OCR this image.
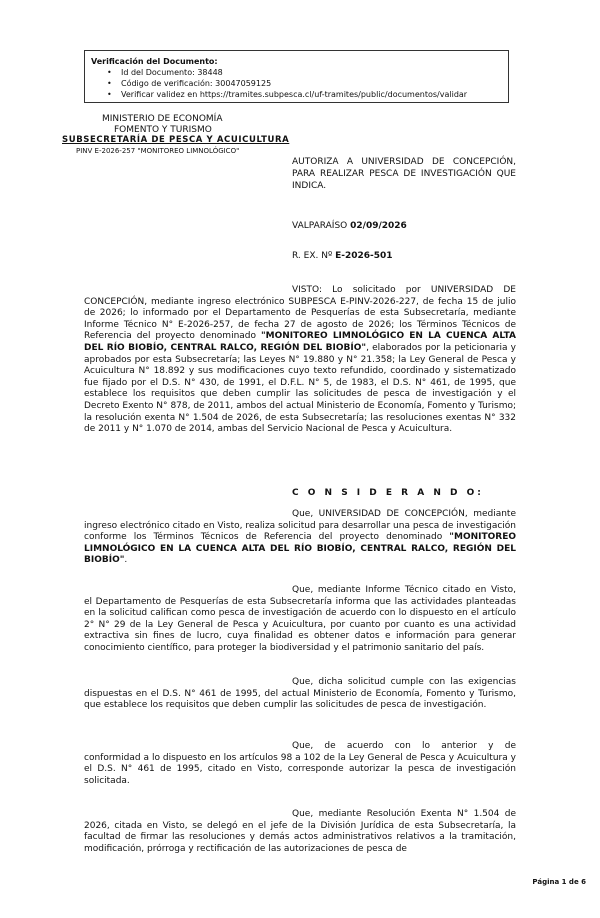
Verificación del Documento:
• Id del Documento: 38448
• Código de verificación: 30047059125
• Verificar validez en https://tramites.subpesca.cl/uf-tramites/public/documentos/validar
MINISTERIO DE ECONOMÍA
FOMENTO Y TURISMO
SUBSECRETARÍA DE PESCA Y ACUICULTURA
PINV E-2026-257 "MONITOREO LIMNOLÓGICO"
AUTORIZA A UNIVERSIDAD DE CONCEPCIÓN, PARA REALIZAR PESCA DE INVESTIGACIÓN QUE INDICA.
VALPARAÍSO 02/09/2026
R. EX. Nº E-2026-501
VISTO: Lo solicitado por UNIVERSIDAD DE CONCEPCIÓN, mediante ingreso electrónico SUBPESCA E-PINV-2026-227, de fecha 15 de julio de 2026; lo informado por el Departamento de Pesquerías de esta Subsecretaría, mediante Informe Técnico N° E-2026-257, de fecha 27 de agosto de 2026; los Términos Técnicos de Referencia del proyecto denominado "MONITOREO LIMNOLÓGICO EN LA CUENCA ALTA DEL RÍO BIOBÍO, CENTRAL RALCO, REGIÓN DEL BIOBÍO", elaborados por la peticionaria y aprobados por esta Subsecretaría; las Leyes N° 19.880 y N° 21.358; la Ley General de Pesca y Acuicultura N° 18.892 y sus modificaciones cuyo texto refundido, coordinado y sistematizado fue fijado por el D.S. N° 430, de 1991, el D.F.L. N° 5, de 1983, el D.S. N° 461, de 1995, que establece los requisitos que deben cumplir las solicitudes de pesca de investigación y el Decreto Exento N° 878, de 2011, ambos del actual Ministerio de Economía, Fomento y Turismo; la resolución exenta N° 1.504 de 2026, de esta Subsecretaría; las resoluciones exentas N° 332 de 2011 y N° 1.070 de 2014, ambas del Servicio Nacional de Pesca y Acuicultura.
C O N S I D E R A N D O:
Que, UNIVERSIDAD DE CONCEPCIÓN, mediante ingreso electrónico citado en Visto, realiza solicitud para desarrollar una pesca de investigación conforme los Términos Técnicos de Referencia del proyecto denominado "MONITOREO LIMNOLÓGICO EN LA CUENCA ALTA DEL RÍO BIOBÍO, CENTRAL RALCO, REGIÓN DEL BIOBÍO".
Que, mediante Informe Técnico citado en Visto, el Departamento de Pesquerías de esta Subsecretaría informa que las actividades planteadas en la solicitud califican como pesca de investigación de acuerdo con lo dispuesto en el artículo 2° N° 29 de la Ley General de Pesca y Acuicultura, por cuanto por cuanto es una actividad extractiva sin fines de lucro, cuya finalidad es obtener datos e información para generar conocimiento científico, para proteger la biodiversidad y el patrimonio sanitario del país.
Que, dicha solicitud cumple con las exigencias dispuestas en el D.S. N° 461 de 1995, del actual Ministerio de Economía, Fomento y Turismo, que establece los requisitos que deben cumplir las solicitudes de pesca de investigación.
Que, de acuerdo con lo anterior y de conformidad a lo dispuesto en los artículos 98 a 102 de la Ley General de Pesca y Acuicultura y el D.S. N° 461 de 1995, citado en Visto, corresponde autorizar la pesca de investigación solicitada.
Que, mediante Resolución Exenta N° 1.504 de 2026, citada en Visto, se delegó en el jefe de la División Jurídica de esta Subsecretaría, la facultad de firmar las resoluciones y demás actos administrativos relativos a la tramitación, modificación, prórroga y rectificación de las autorizaciones de pesca de
Página 1 de 6
